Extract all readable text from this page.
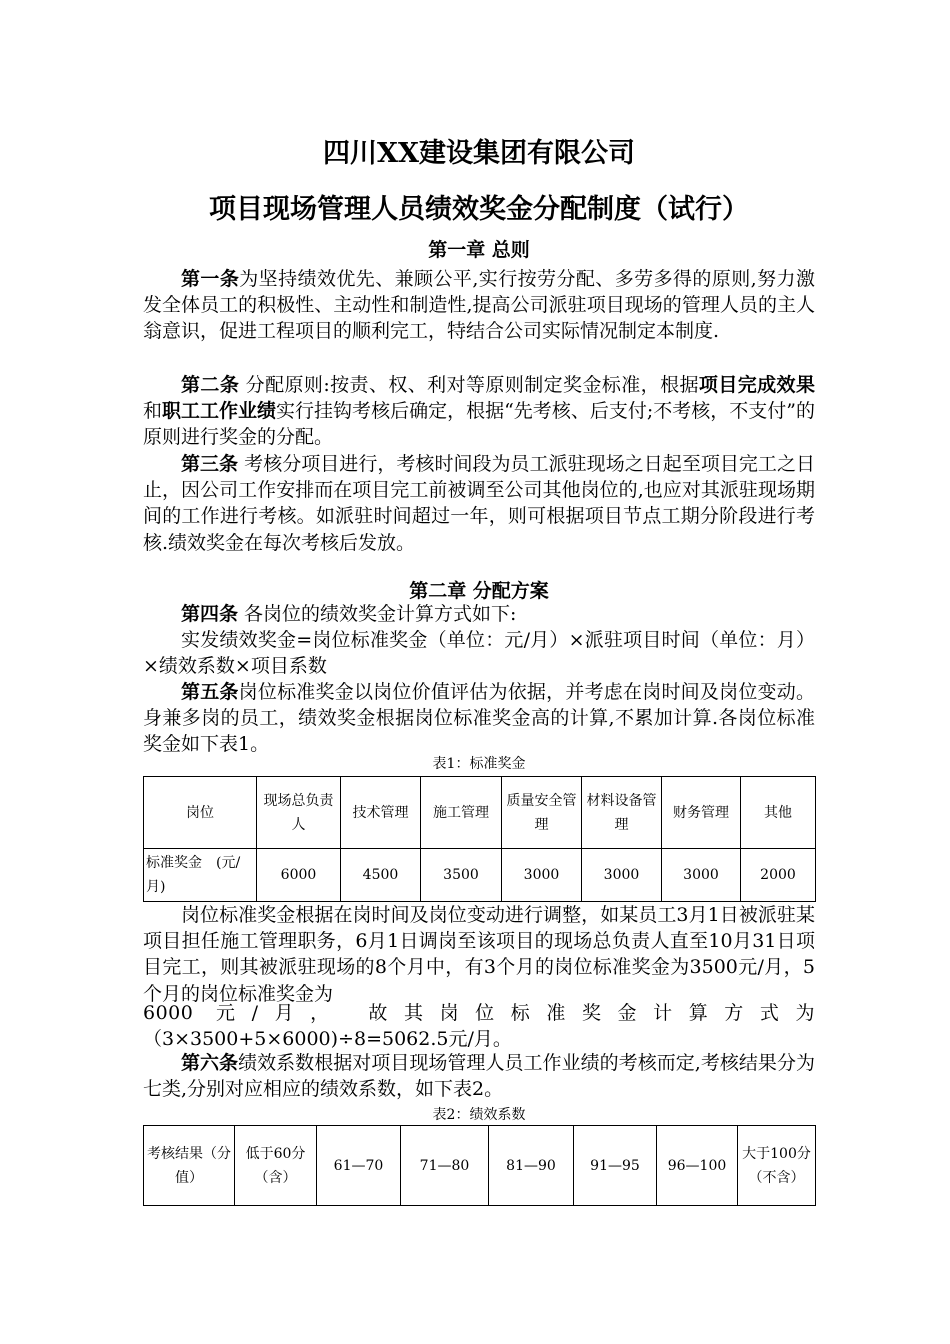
四川XX建设集团有限公司
项目现场管理人员绩效奖金分配制度（试行）
第一章 总则

第一条为坚持绩效优先、兼顾公平,实行按劳分配、多劳多得的原则,努力激发全体员工的积极性、主动性和制造性,提高公司派驻项目现场的管理人员的主人翁意识，促进工程项目的顺利完工，特结合公司实际情况制定本制度.

第二条 分配原则:按责、权、利对等原则制定奖金标准，根据项目完成效果和职工工作业绩实行挂钩考核后确定，根据“先考核、后支付;不考核，不支付”的原则进行奖金的分配。

第三条 考核分项目进行，考核时间段为员工派驻现场之日起至项目完工之日止，因公司工作安排而在项目完工前被调至公司其他岗位的,也应对其派驻现场期间的工作进行考核。如派驻时间超过一年，则可根据项目节点工期分阶段进行考核.绩效奖金在每次考核后发放。

第二章 分配方案

第四条 各岗位的绩效奖金计算方式如下:

实发绩效奖金=岗位标准奖金（单位：元/月）×派驻项目时间（单位：月）×绩效系数×项目系数

第五条岗位标准奖金以岗位价值评估为依据，并考虑在岗时间及岗位变动。身兼多岗的员工，绩效奖金根据岗位标准奖金高的计算,不累加计算.各岗位标准奖金如下表1。

表1：标准奖金
岗位	现场总负责人	技术管理	施工管理	质量安全管理	材料设备管理	财务管理	其他
标准奖金　(元/月)	6000	4500	3500	3000	3000	3000	2000

岗位标准奖金根据在岗时间及岗位变动进行调整，如某员工3月1日被派驻某项目担任施工管理职务，6月1日调岗至该项目的现场总负责人直至10月31日项目完工，则其被派驻现场的8个月中，有3个月的岗位标准奖金为3500元/月，5个月的岗位标准奖金为

6000 元/月， 故其岗位标准奖金计算方式为

（3×3500+5×6000)÷8=5062.5元/月。

第六条绩效系数根据对项目现场管理人员工作业绩的考核而定,考核结果分为七类,分别对应相应的绩效系数，如下表2。

表2：绩效系数
考核结果（分值）	低于60分（含）	61—70	71—80	81—90	91—95	96—100	大于100分（不含）
